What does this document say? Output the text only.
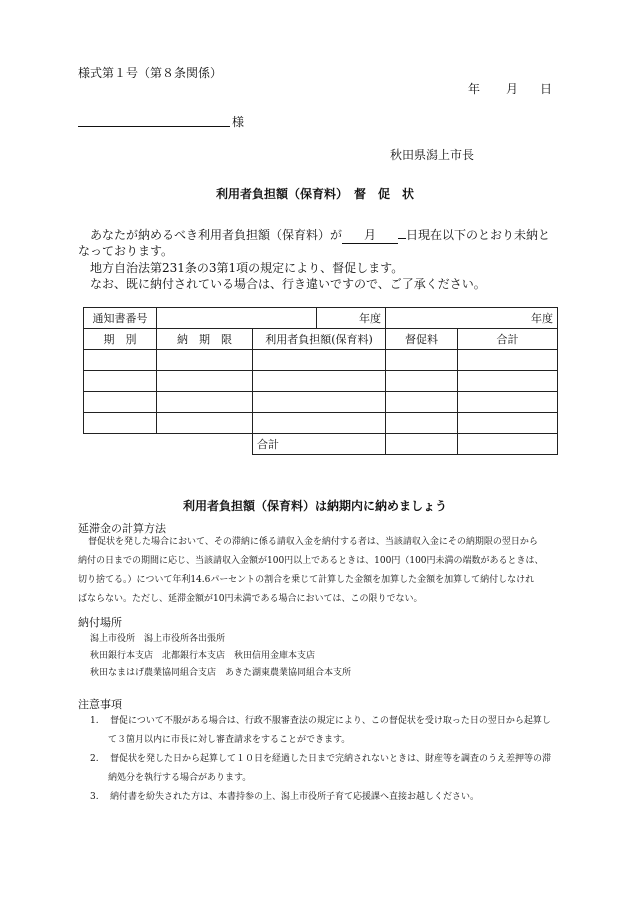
様式第１号（第８条関係）
年 月 日
様
秋田県潟上市長
利用者負担額（保育料）　督　促　状
あなたが納めるべき利用者負担額（保育料）が 月	日現在以下のとおり未納と
なっております。
地方自治法第231条の3第1項の規定により、督促します。
なお、既に納付されている場合は、行き違いですので、ご了承ください。
通知書番号			年度	年度	
期　別	納　期　限	利用者負担額(保育料)		督促料	合計

		合計			
利用者負担額（保育料）は納期内に納めましょう
延滞金の計算方法
督促状を発した場合において、その滞納に係る請収入金を納付する者は、当該請収入金にその納期限の翌日から
納付の日までの期間に応じ、当該請収入金額が100円以上であるときは、100円（100円未満の端数があるときは、
切り捨てる。）について年利14.6パーセントの割合を乗じて計算した金額を加算した金額を加算して納付しなけれ
ばならない。ただし、延滞金額が10円未満である場合においては、この限りでない。
納付場所
潟上市役所　潟上市役所各出張所
秋田銀行本支店　北都銀行本支店　秋田信用金庫本支店
秋田なまはげ農業協同組合支店　あきた湖東農業協同組合本支所
注意事項
1.	督促について不服がある場合は、行政不服審査法の規定により、この督促状を受け取った日の翌日から起算し
て３箇月以内に市長に対し審査請求をすることができます。
2.	督促状を発した日から起算して１０日を経過した日まで完納されないときは、財産等を調査のうえ差押等の滞
納処分を執行する場合があります。
3.	納付書を紛失された方は、本書持参の上、潟上市役所子育て応援課へ直接お越しください。
